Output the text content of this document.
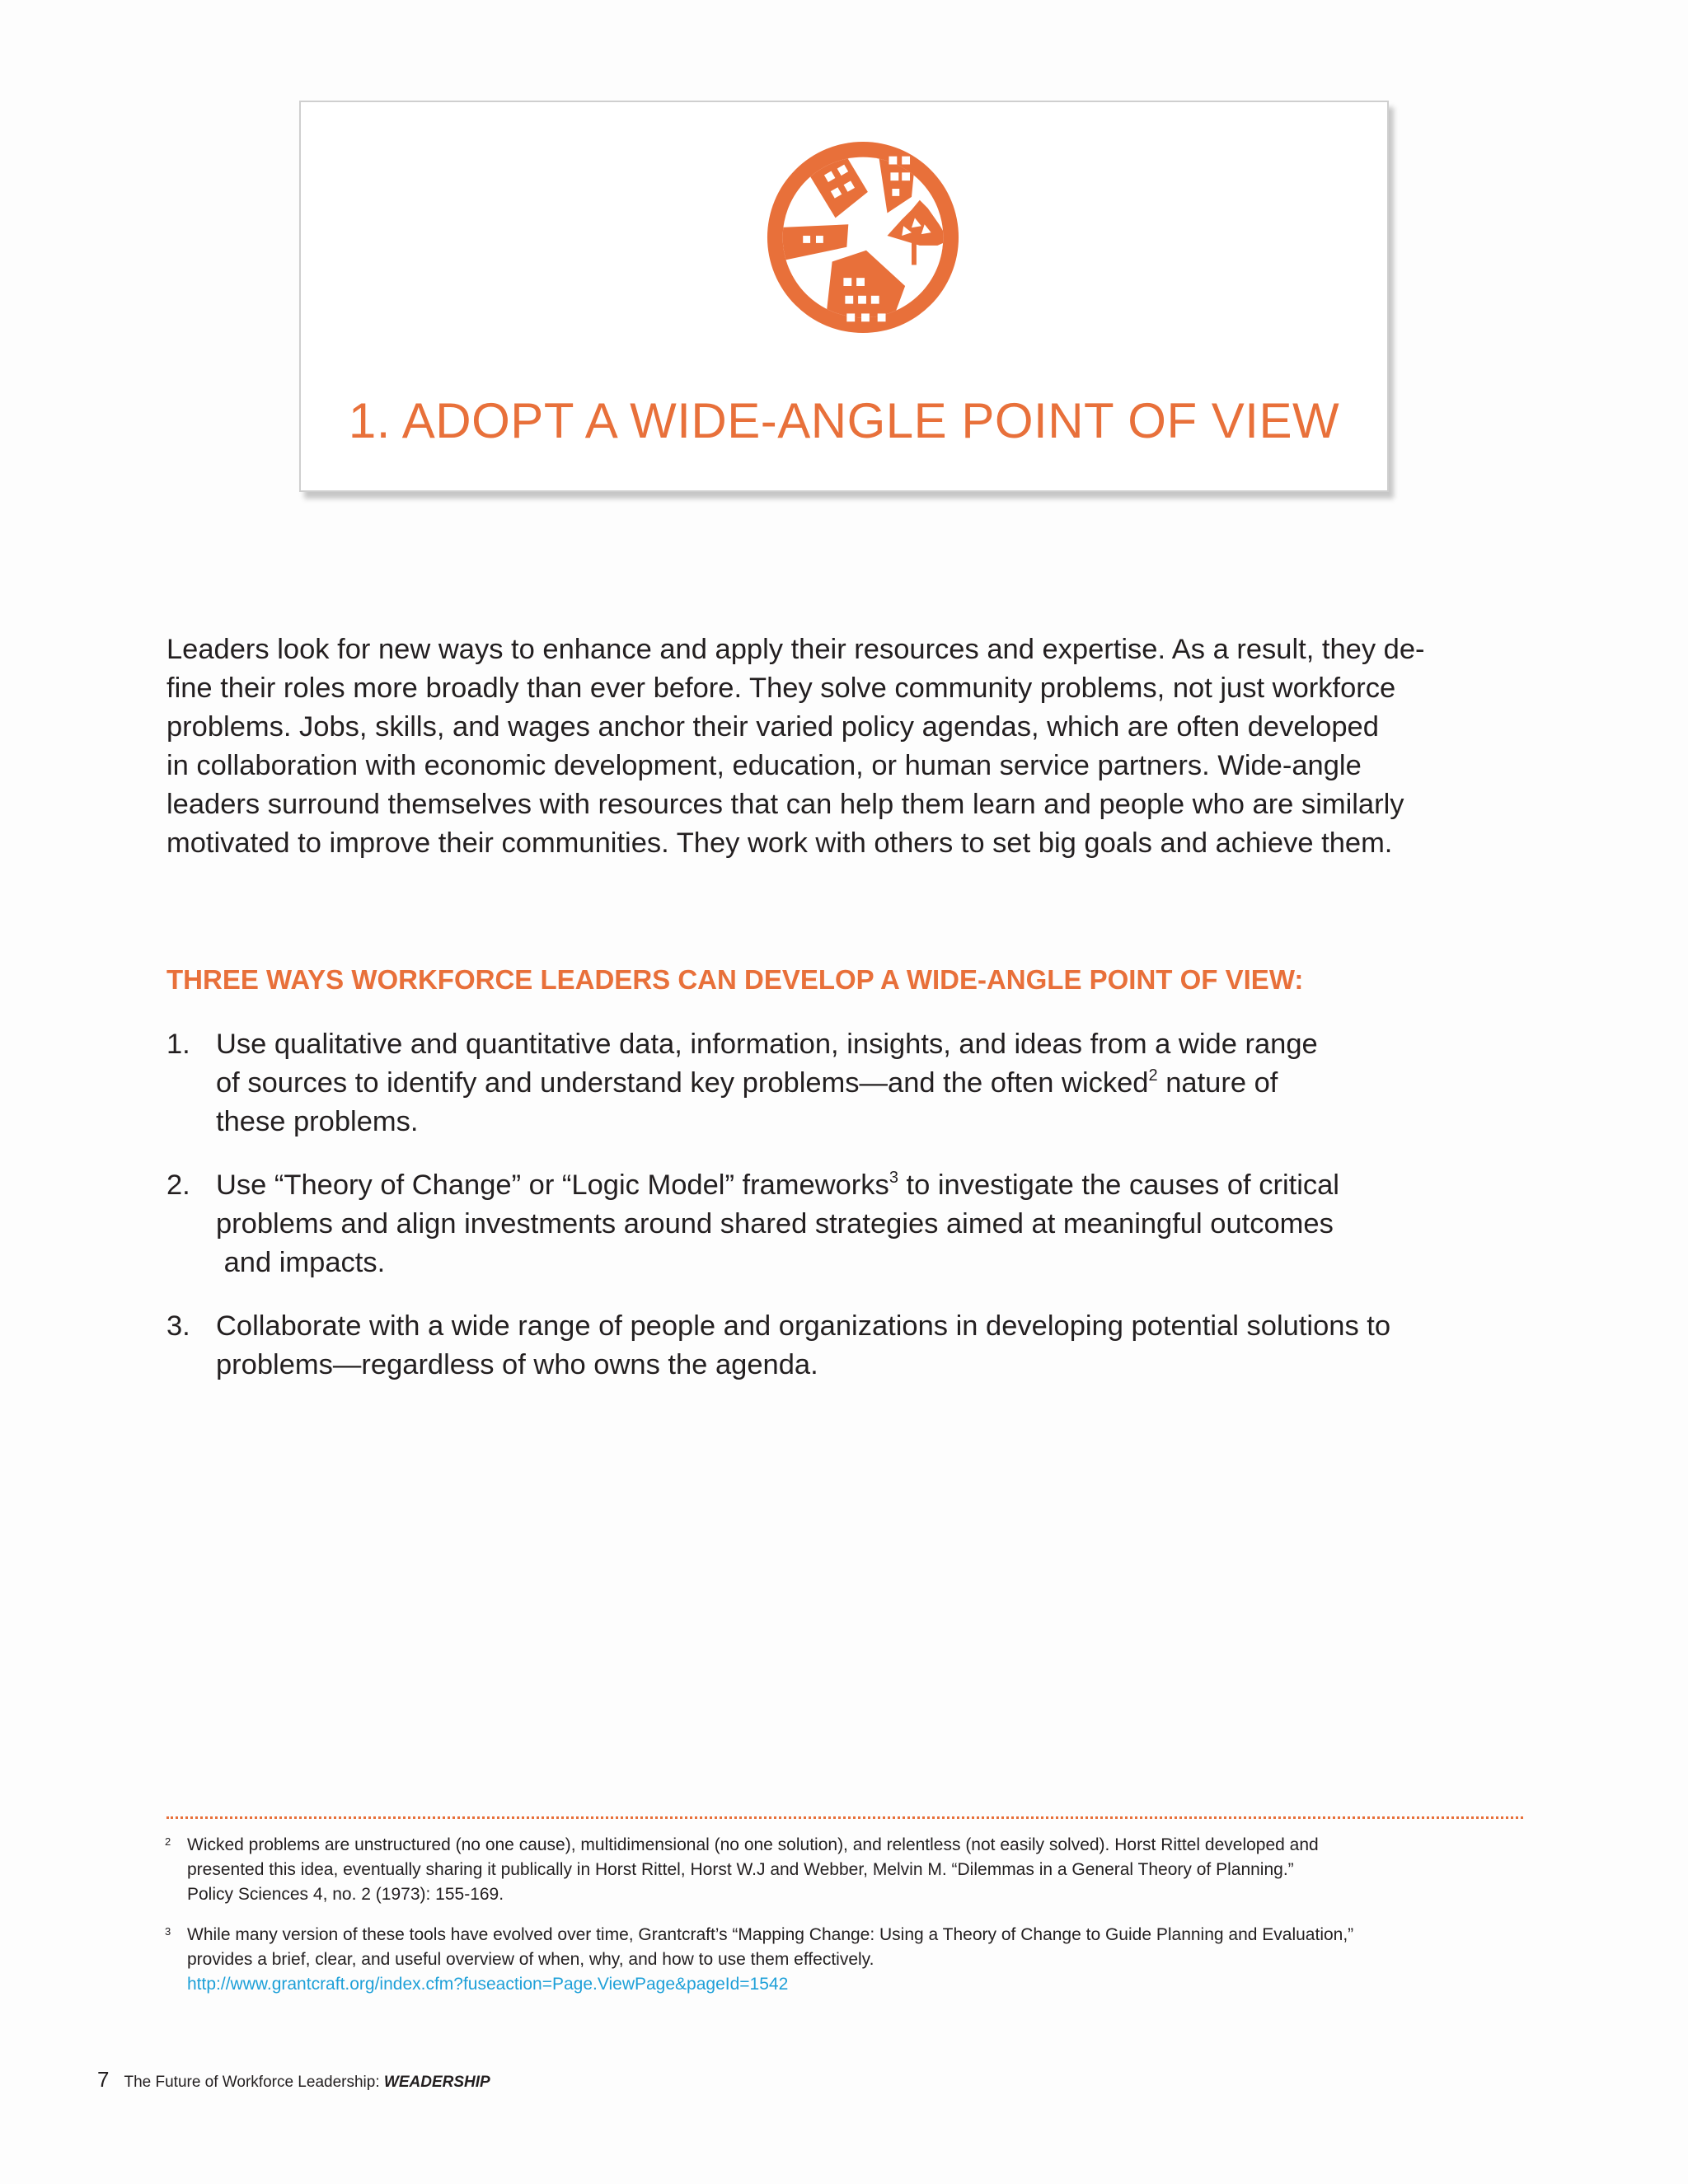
1. ADOPT A WIDE-ANGLE POINT OF VIEW

Leaders look for new ways to enhance and apply their resources and expertise. As a result, they de-
fine their roles more broadly than ever before. They solve community problems, not just workforce
problems. Jobs, skills, and wages anchor their varied policy agendas, which are often developed
in collaboration with economic development, education, or human service partners. Wide-angle
leaders surround themselves with resources that can help them learn and people who are similarly
motivated to improve their communities. They work with others to set big goals and achieve them.

THREE WAYS WORKFORCE LEADERS CAN DEVELOP A WIDE-ANGLE POINT OF VIEW:
1. Use qualitative and quantitative data, information, insights, and ideas from a wide range
of sources to identify and understand key problems—and the often wicked$^2$ nature of
these problems.
2. Use “Theory of Change” or “Logic Model” frameworks$^3$ to investigate the causes of critical
problems and align investments around shared strategies aimed at meaningful outcomes
and impacts.
3. Collaborate with a wide range of people and organizations in developing potential solutions to
problems—regardless of who owns the agenda.
2 Wicked problems are unstructured (no one cause), multidimensional (no one solution), and relentless (not easily solved). Horst Rittel developed and
presented this idea, eventually sharing it publically in Horst Rittel, Horst W.J and Webber, Melvin M. “Dilemmas in a General Theory of Planning.”
Policy Sciences 4, no. 2 (1973): 155-169.
3 While many version of these tools have evolved over time, Grantcraft’s “Mapping Change: Using a Theory of Change to Guide Planning and Evaluation,”
provides a brief, clear, and useful overview of when, why, and how to use them effectively.
http://www.grantcraft.org/index.cfm?fuseaction=Page.ViewPage&pageId=1542
7 The Future of Workforce Leadership: WEADERSHIP
